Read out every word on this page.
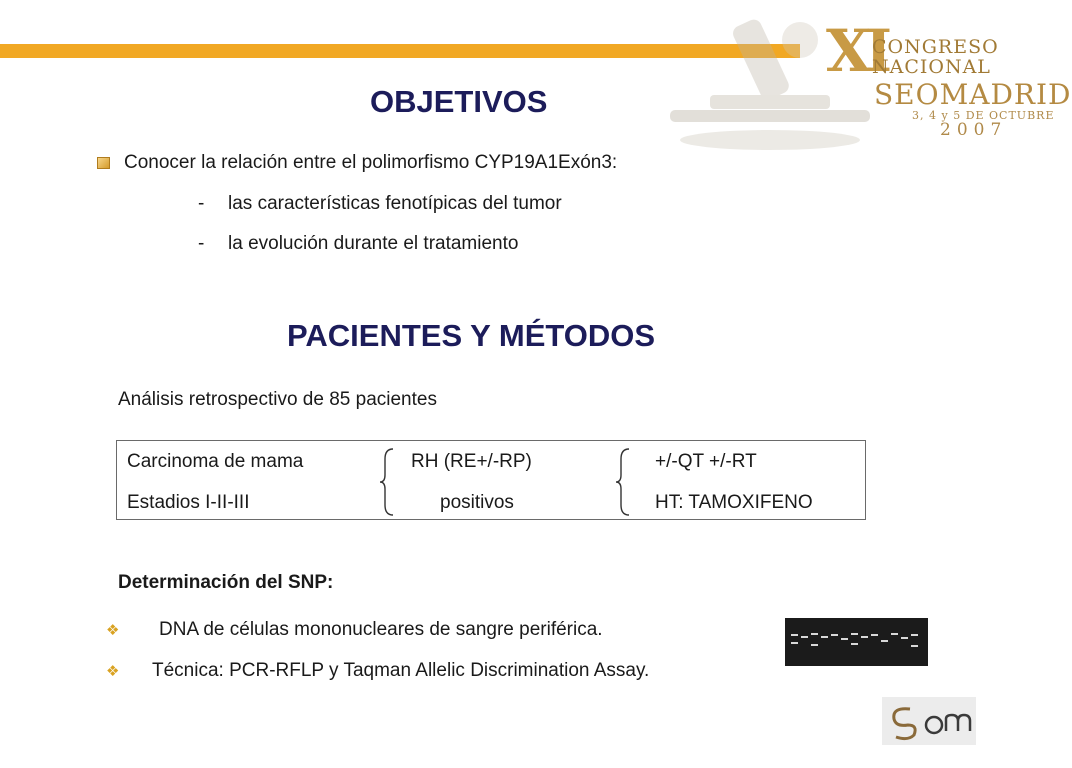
XI
CONGRESO
NACIONAL
SEOMADRID
3, 4 y 5 DE OCTUBRE
2007
OBJETIVOS
Conocer la relación entre el polimorfismo CYP19A1Exón3:
- las características fenotípicas del tumor
- la evolución durante el tratamiento
PACIENTES Y MÉTODOS
Análisis retrospectivo de 85 pacientes
Carcinoma de mama
Estadios I-II-III
RH (RE+/-RP)
positivos
+/-QT +/-RT
HT: TAMOXIFENO
Determinación del SNP:
❖ DNA de células mononucleares de sangre periférica.
❖ Técnica: PCR-RFLP y Taqman Allelic Discrimination Assay.
